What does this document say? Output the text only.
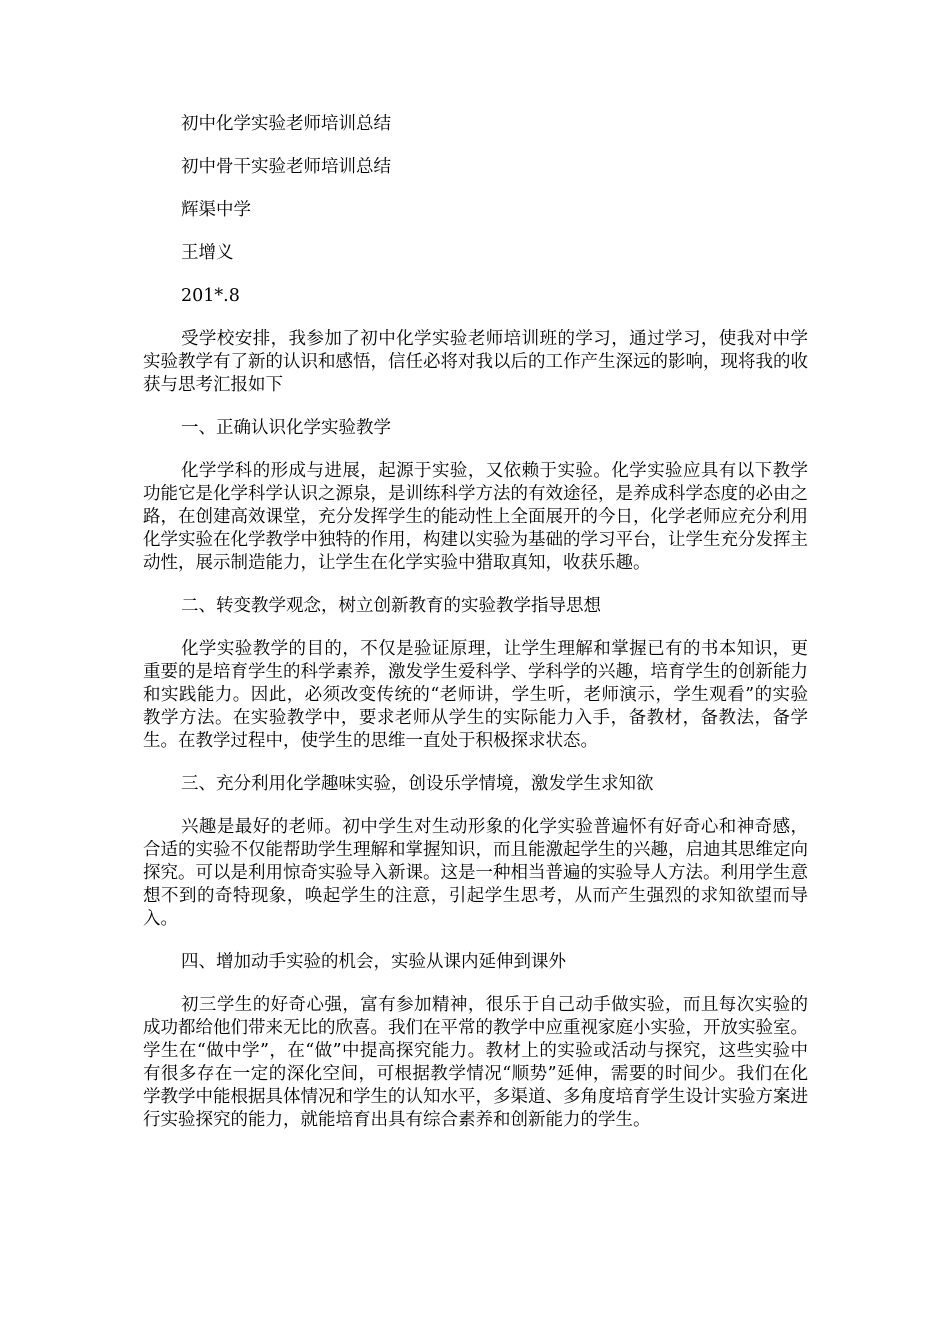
初中化学实验老师培训总结

初中骨干实验老师培训总结

辉渠中学

王增义

201*.8

受学校安排，我参加了初中化学实验老师培训班的学习，通过学习，使我对中学实验教学有了新的认识和感悟，信任必将对我以后的工作产生深远的影响，现将我的收获与思考汇报如下

一、正确认识化学实验教学

化学学科的形成与进展，起源于实验，又依赖于实验。化学实验应具有以下教学功能它是化学科学认识之源泉，是训练科学方法的有效途径，是养成科学态度的必由之路，在创建高效课堂，充分发挥学生的能动性上全面展开的今日，化学老师应充分利用化学实验在化学教学中独特的作用，构建以实验为基础的学习平台，让学生充分发挥主动性，展示制造能力，让学生在化学实验中猎取真知，收获乐趣。

二、转变教学观念，树立创新教育的实验教学指导思想

化学实验教学的目的，不仅是验证原理，让学生理解和掌握已有的书本知识，更重要的是培育学生的科学素养，激发学生爱科学、学科学的兴趣，培育学生的创新能力和实践能力。因此，必须改变传统的“老师讲，学生听，老师演示，学生观看”的实验教学方法。在实验教学中，要求老师从学生的实际能力入手，备教材，备教法，备学生。在教学过程中，使学生的思维一直处于积极探求状态。

三、充分利用化学趣味实验，创设乐学情境，激发学生求知欲

兴趣是最好的老师。初中学生对生动形象的化学实验普遍怀有好奇心和神奇感，合适的实验不仅能帮助学生理解和掌握知识，而且能激起学生的兴趣，启迪其思维定向探究。可以是利用惊奇实验导入新课。这是一种相当普遍的实验导人方法。利用学生意想不到的奇特现象，唤起学生的注意，引起学生思考，从而产生强烈的求知欲望而导入。

四、增加动手实验的机会，实验从课内延伸到课外

初三学生的好奇心强，富有参加精神，很乐于自己动手做实验，而且每次实验的成功都给他们带来无比的欣喜。我们在平常的教学中应重视家庭小实验，开放实验室。学生在“做中学”，在“做”中提高探究能力。教材上的实验或活动与探究，这些实验中有很多存在一定的深化空间，可根据教学情况“顺势”延伸，需要的时间少。我们在化学教学中能根据具体情况和学生的认知水平，多渠道、多角度培育学生设计实验方案进行实验探究的能力，就能培育出具有综合素养和创新能力的学生。
